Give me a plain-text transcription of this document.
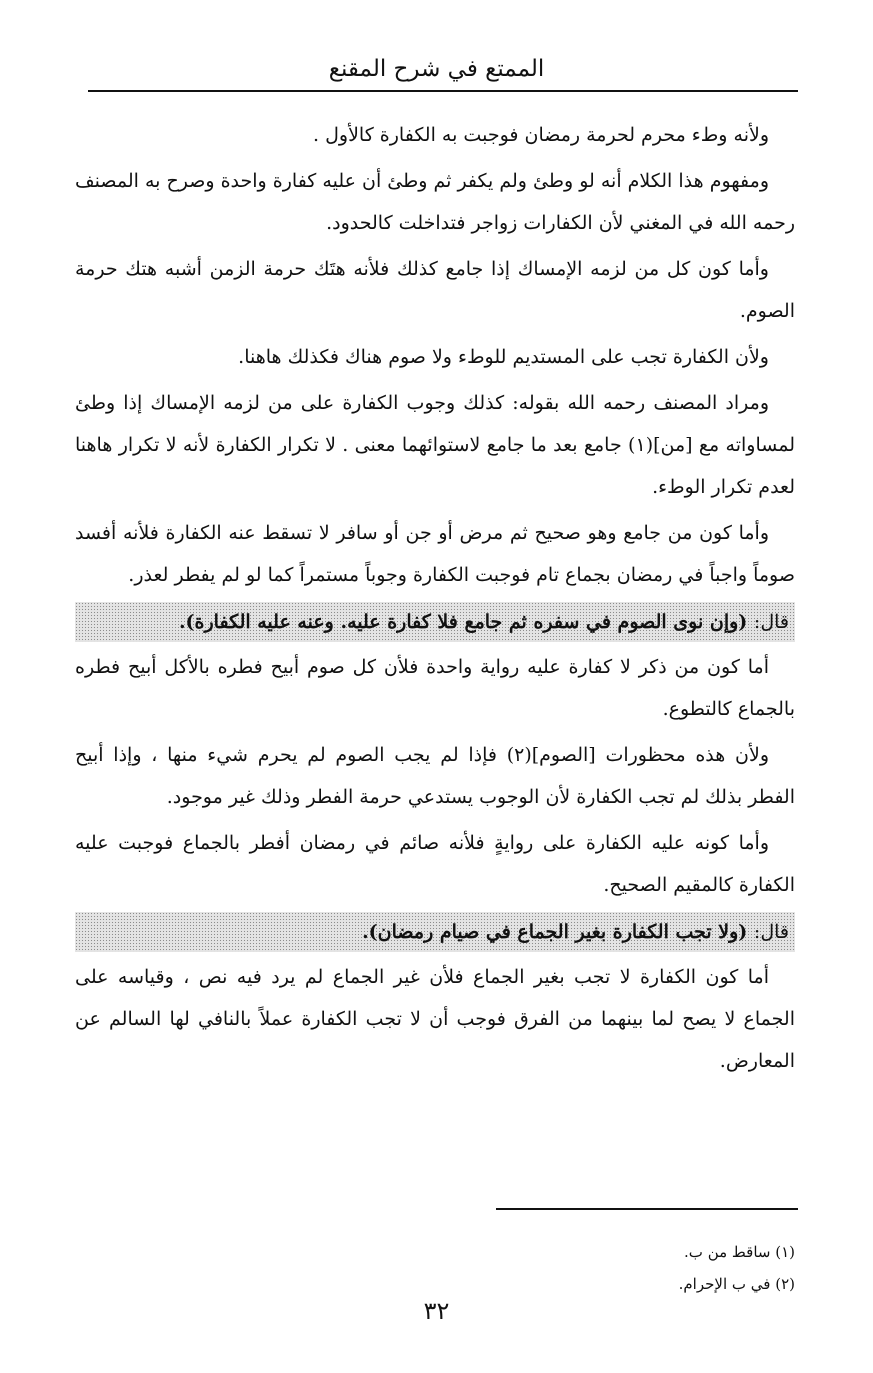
الممتع في شرح المقنع

ولأنه وطء محرم لحرمة رمضان فوجبت به الكفارة كالأول .

ومفهوم هذا الكلام أنه لو وطئ ولم يكفر ثم وطئ أن عليه كفارة واحدة وصرح به المصنف رحمه الله في المغني لأن الكفارات زواجر فتداخلت كالحدود.

وأما كون كل من لزمه الإمساك إذا جامع كذلك فلأنه هتَك حرمة الزمن أشبه هتك حرمة الصوم.

ولأن الكفارة تجب على المستديم للوطء ولا صوم هناك فكذلك هاهنا.

ومراد المصنف رحمه الله بقوله: كذلك وجوب الكفارة على من لزمه الإمساك إذا وطئ لمساواته مع [من](١) جامع بعد ما جامع لاستوائهما معنى . لا تكرار الكفارة لأنه لا تكرار هاهنا لعدم تكرار الوطء.

وأما كون من جامع وهو صحيح ثم مرض أو جن أو سافر لا تسقط عنه الكفارة فلأنه أفسد صوماً واجباً في رمضان بجماع تام فوجبت الكفارة وجوباً مستمراً كما لو لم يفطر لعذر.

قال: (وإن نوى الصوم في سفره ثم جامع فلا كفارة عليه. وعنه عليه الكفارة).

أما كون من ذكر لا كفارة عليه رواية واحدة فلأن كل صوم أبيح فطره بالأكل أبيح فطره بالجماع كالتطوع.

ولأن هذه محظورات [الصوم](٢) فإذا لم يجب الصوم لم يحرم شيء منها ، وإذا أبيح الفطر بذلك لم تجب الكفارة لأن الوجوب يستدعي حرمة الفطر وذلك غير موجود.

وأما كونه عليه الكفارة على روايةٍ فلأنه صائم في رمضان أفطر بالجماع فوجبت عليه الكفارة كالمقيم الصحيح.

قال: (ولا تجب الكفارة بغير الجماع في صيام رمضان).

أما كون الكفارة لا تجب بغير الجماع فلأن غير الجماع لم يرد فيه نص ، وقياسه على الجماع لا يصح لما بينهما من الفرق فوجب أن لا تجب الكفارة عملاً بالنافي لها السالم عن المعارض.

(١) ساقط من ب.
(٢) في ب الإحرام.
٣٢
